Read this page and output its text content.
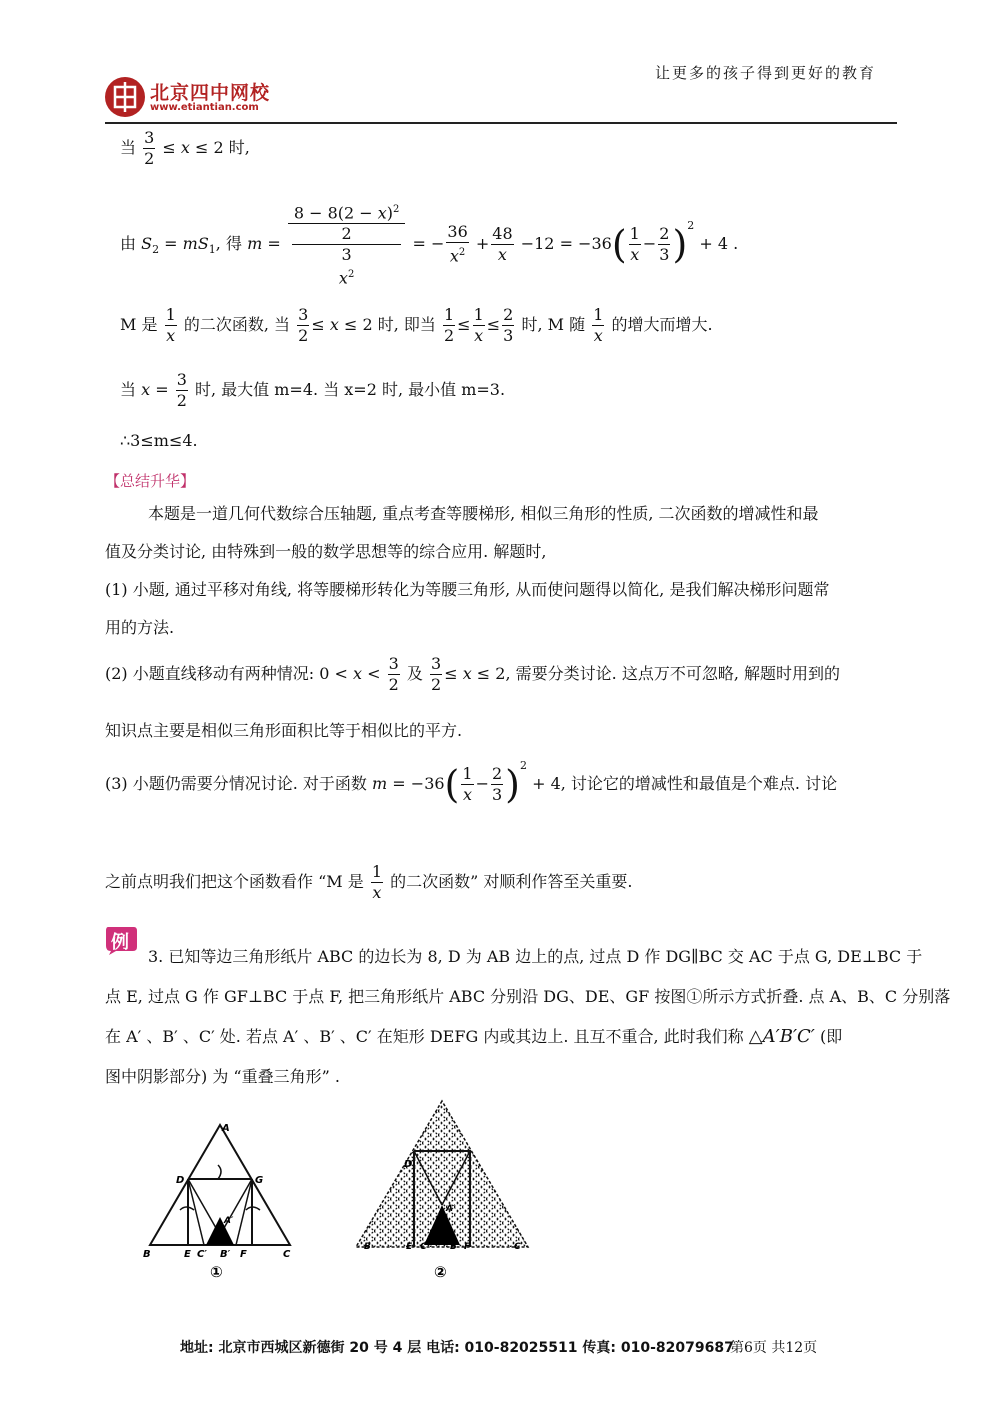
让更多的孩子得到更好的教育
北京四中网校
www.etiantian.com
当 $\frac{3}{2} \le x \le 2$ 时,
由 $S_2 = mS_1$, 得 $m = 8 - 8(2 - x)^2$
2
3
$x^2$ = − $\frac{36}{x^2} + \frac{48}{x} -12 = -36( \frac{1}{x} - \frac{2}{3} )^2 + 4$ .
M 是 $\frac{1}{x}$ 的二次函数, 当 $\frac{3}{2} \le x \le 2$ 时, 即当 $\frac{1}{2} \le \frac{1}{x} \le \frac{2}{3}$ 时, M 随 $\frac{1}{x}$ 的增大而增大.
当 $x = \frac{3}{2}$ 时, 最大值 m=4. 当 x=2 时, 最小值 m=3.
∴3≤m≤4.
【总结升华】
本题是一道几何代数综合压轴题, 重点考查等腰梯形, 相似三角形的性质, 二次函数的增减性和最
值及分类讨论, 由特殊到一般的数学思想等的综合应用. 解题时,
(1) 小题, 通过平移对角线, 将等腰梯形转化为等腰三角形, 从而使问题得以简化, 是我们解决梯形问题常
用的方法.
(2) 小题直线移动有两种情况: $0 < x < \frac{3}{2}$ 及 $\frac{3}{2} \le x \le 2$, 需要分类讨论. 这点万不可忽略, 解题时用到的
知识点主要是相似三角形面积比等于相似比的平方.
(3) 小题仍需要分情况讨论. 对于函数 $m = -36( \frac{1}{x} - \frac{2}{3} )^2 + 4$, 讨论它的增减性和最值是个难点. 讨论
之前点明我们把这个函数看作 “M 是 $\frac{1}{x}$ 的二次函数” 对顺利作答至关重要.
例
3. 已知等边三角形纸片 ABC 的边长为 8, D 为 AB 边上的点, 过点 D 作 DG∥BC 交 AC 于点 G, DE⊥BC 于
点 E, 过点 G 作 GF⊥BC 于点 F, 把三角形纸片 ABC 分别沿 DG、DE、GF 按图①所示方式折叠. 点 A、B、C 分别落
在 A′ 、B′ 、C′ 处. 若点 A′ 、B′ 、C′ 在矩形 DEFG 内或其边上. 且互不重合, 此时我们称 △A′B′C′ (即
图中阴影部分) 为 “重叠三角形” .
A
D	G
A′
B	E C′ B′ F	C
①
D
A′
B	E C′ B′ F	C
②
地址: 北京市西城区新德街 20 号 4 层 电话: 010-82025511 传真: 010-82079687
第6页 共12页
